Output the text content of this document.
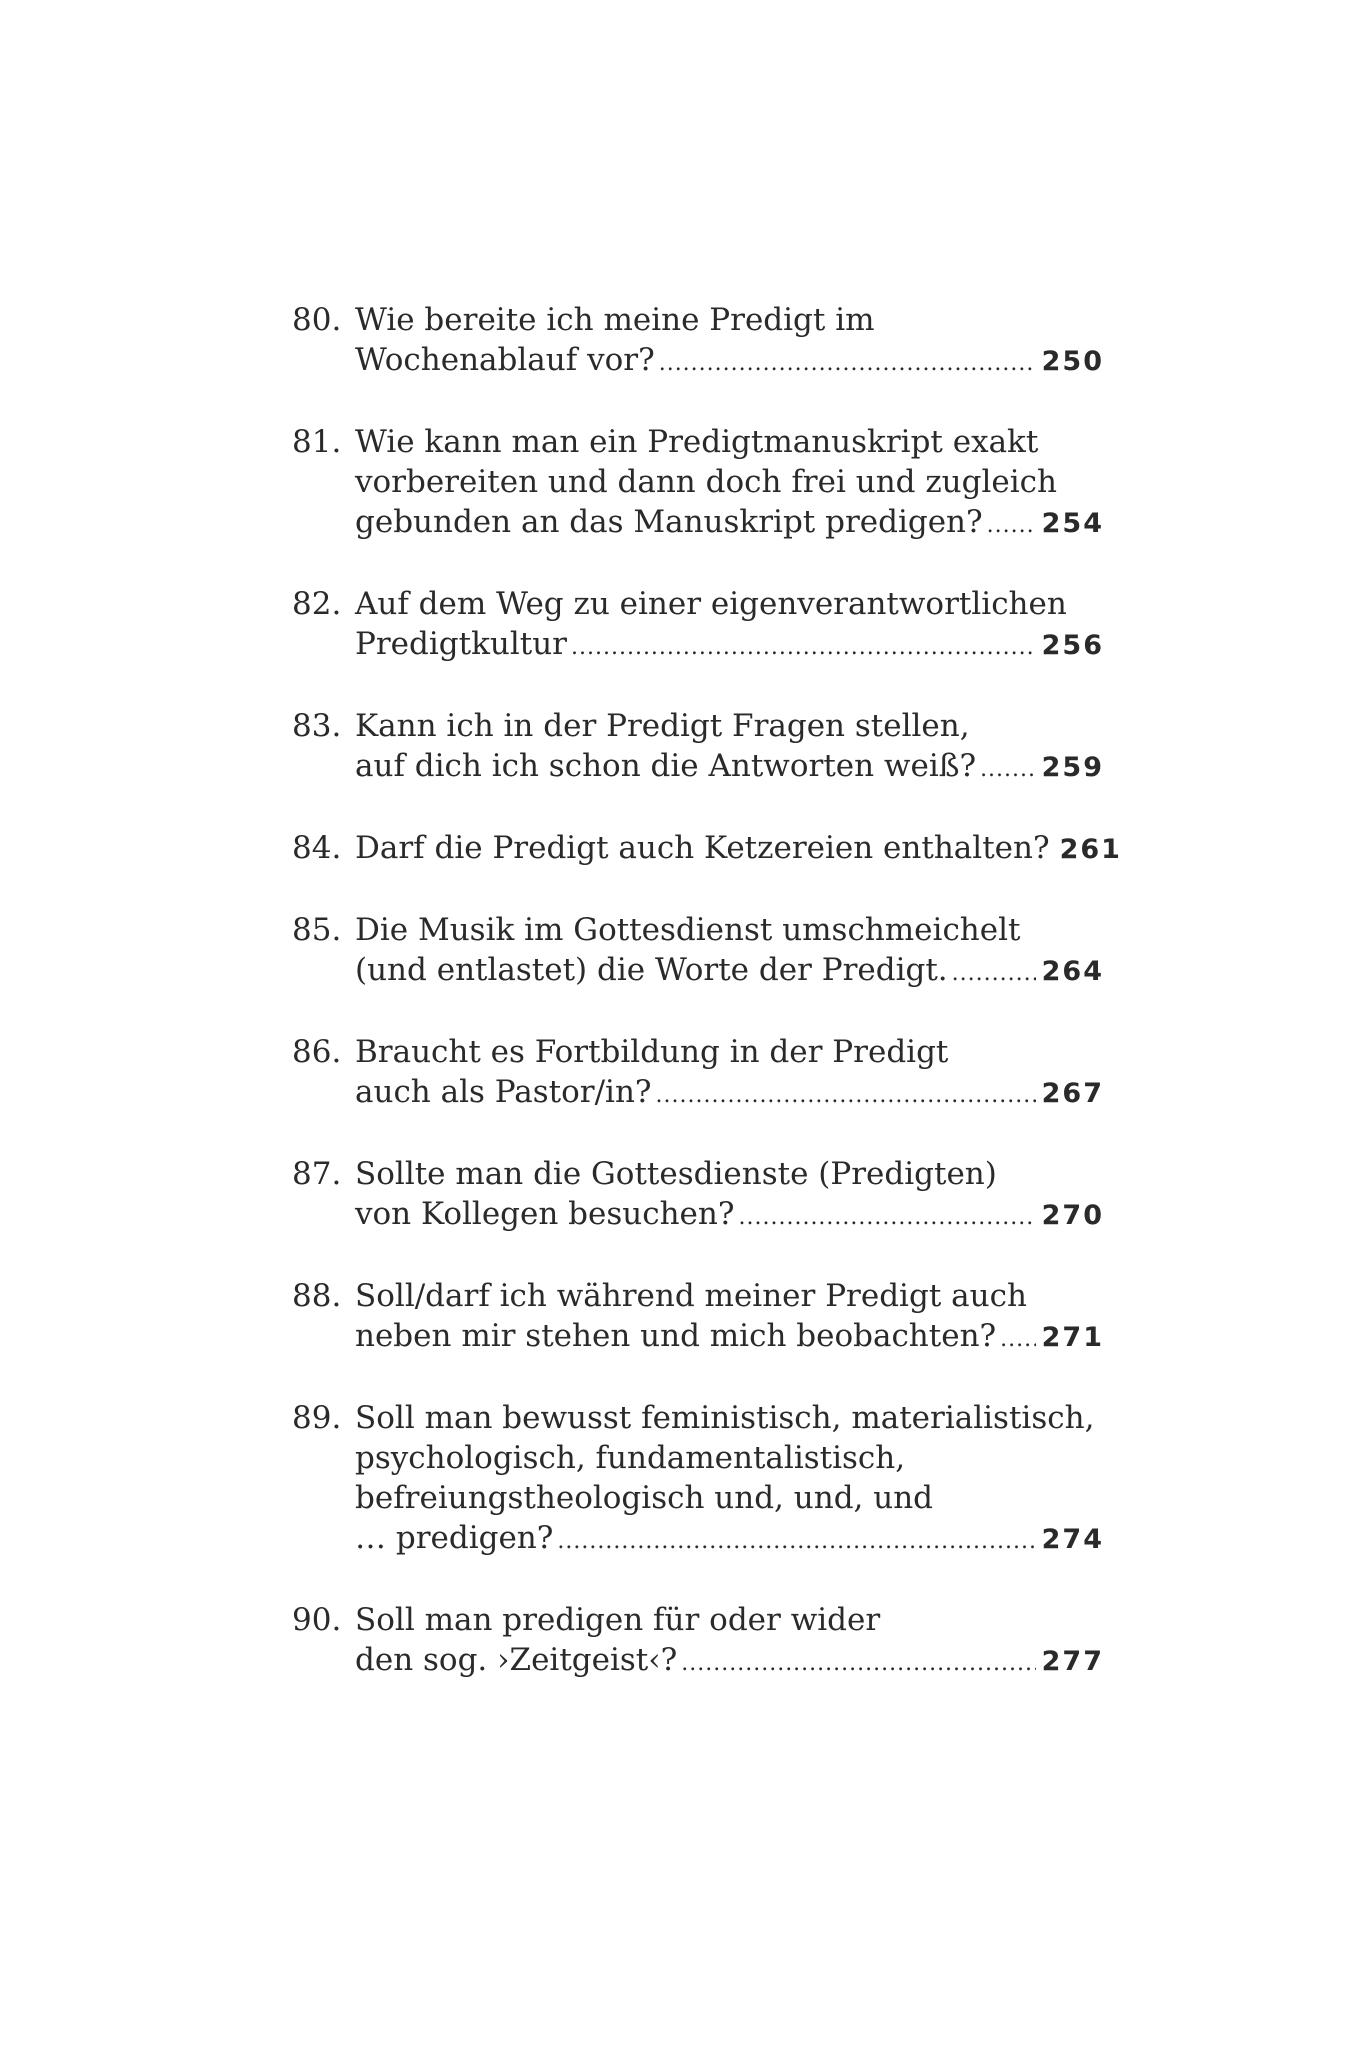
80. Wie bereite ich meine Predigt im
Wochenablauf vor? .....	250
81. Wie kann man ein Predigtmanuskript exakt
vorbereiten und dann doch frei und zugleich
gebunden an das Manuskript predigen? ..... 254
82. Auf dem Weg zu einer eigenverantwortlichen
Predigtkultur .....	256
83. Kann ich in der Predigt Fragen stellen,
auf dich ich schon die Antworten weiß? ..... 259
84. Darf die Predigt auch Ketzereien enthalten? 261
85. Die Musik im Gottesdienst umschmeichelt
(und entlastet) die Worte der Predigt. .....	264
86. Braucht es Fortbildung in der Predigt
auch als Pastor/in? .....	267
87. Sollte man die Gottesdienste (Predigten)
von Kollegen besuchen? .....	270
88. Soll/darf ich während meiner Predigt auch
neben mir stehen und mich beobachten? ..... 271
89. Soll man bewusst feministisch, materialistisch,
psychologisch, fundamentalistisch,
befreiungstheologisch und, und, und
… predigen? .....	274
90. Soll man predigen für oder wider
den sog. ›Zeitgeist‹? .....	277
